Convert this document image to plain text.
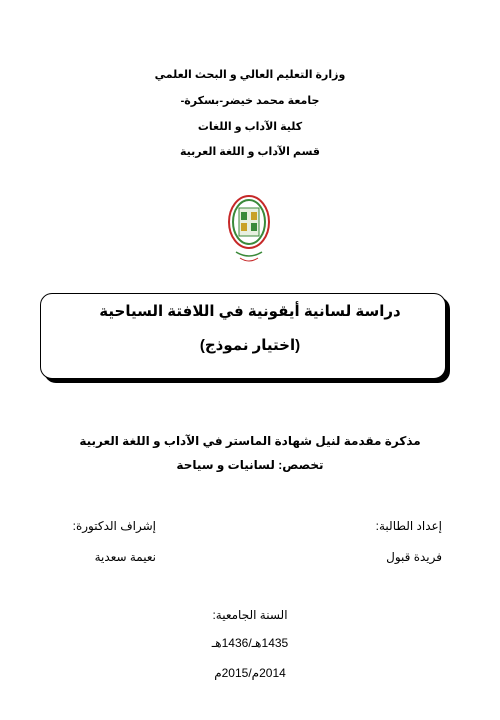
وزارة التعليم العالي و البحث العلمي
جامعة محمد خيضر-بسكرة-
كلية الآداب و اللغات
قسم الآداب و اللغة العربية
دراسة لسانية أيقونية في اللافتة السياحية
(اختيار نموذج)
مذكرة مقدمة لنيل شهادة الماستر في الآداب و اللغة العربية
تخصص: لسانيات و سياحة
إعداد الطالبة:
فريدة قبول
إشراف الدكتورة:
نعيمة سعدية
السنة الجامعية:
1435هـ/1436هـ
2014م/2015م
